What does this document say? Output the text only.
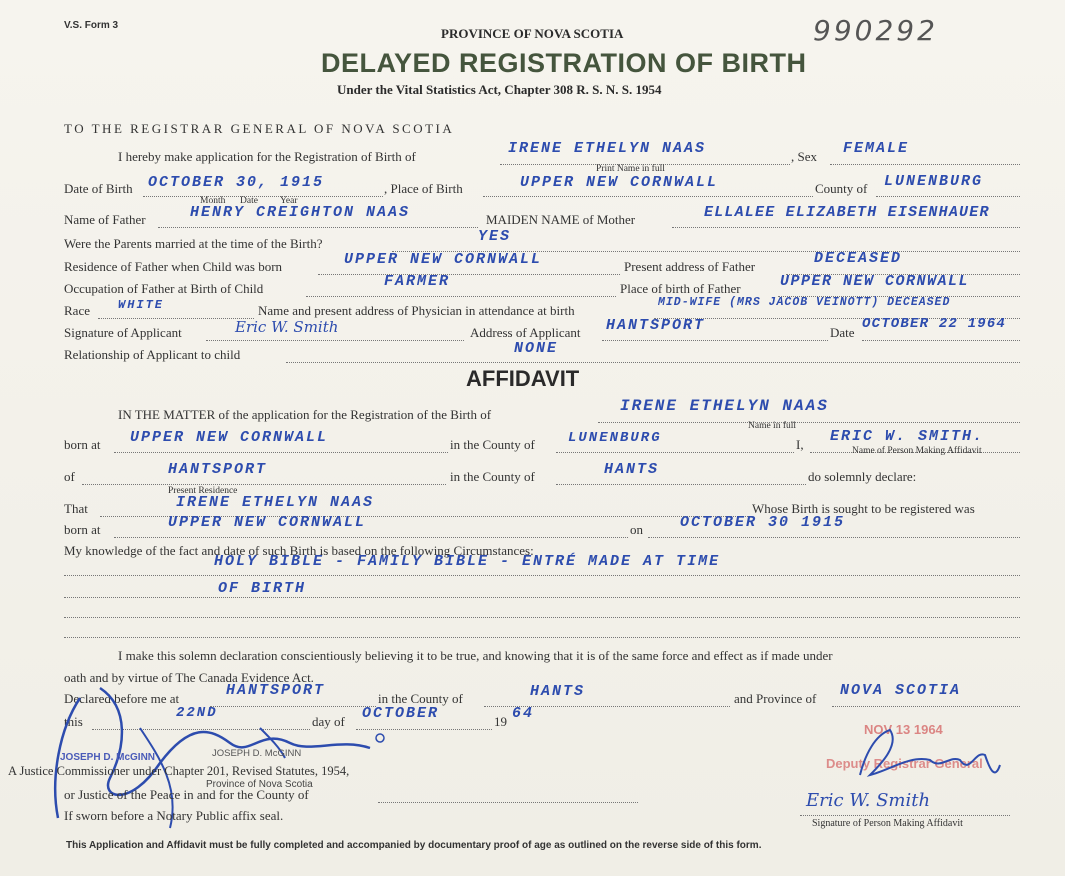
V.S. Form 3	990292
PROVINCE OF NOVA SCOTIA
DELAYED REGISTRATION OF BIRTH
Under the Vital Statistics Act, Chapter 308 R. S. N. S. 1954
TO THE REGISTRAR GENERAL OF NOVA SCOTIA
I hereby make application for the Registration of Birth of	IRENE ETHELYN NAAS	, Sex FEMALE
Print Name in full
Date of Birth OCTOBER 30, 1915	, Place of Birth	UPPER NEW CORNWALL	County of LUNENBURG
Month Date Year
Name of Father	HENRY CREIGHTON NAAS	MAIDEN NAME of Mother	ELLALEE ELIZABETH EISENHAUER
Were the Parents married at the time of the Birth?	YES
Residence of Father when Child was born	UPPER NEW CORNWALL	Present address of Father	DECEASED
Occupation of Father at Birth of Child	FARMER	Place of birth of Father	UPPER NEW CORNWALL
Race WHITE	Name and present address of Physician in attendance at birth
MID-WIFE (MRS JACOB VEINOTT) DECEASED
Signature of Applicant	Eric W. Smith	Address of Applicant HANTSPORT	Date
OCTOBER 22 1964
Relationship of Applicant to child	NONE
AFFIDAVIT
IN THE MATTER of the application for the Registration of the Birth of	IRENE ETHELYN NAAS
Name in full
born at UPPER NEW CORNWALL	in the County of LUNENBURG	I, ERIC W. SMITH.
Name of Person Making Affidavit
of	HANTSPORT
Present Residence
in the County of	HANTS	do solemnly declare:
That	IRENE ETHELYN NAAS	Whose Birth is sought to be registered was
born at	UPPER NEW CORNWALL	on OCTOBER 30 1915
My knowledge of the fact and date of such Birth is based on the following Circumstances:
HOLY BIBLE - FAMILY BIBLE - ENTRÉ MADE AT TIME
OF BIRTH
I make this solemn declaration conscientiously believing it to be true, and knowing that it is of the same force and effect as if made under
oath and by virtue of The Canada Evidence Act.
Declared before me at	HANTSPORT	in the County of	HANTS	and Province of NOVA SCOTIA
this
22ND
day of OCTOBER	19 64
JOSEPH D. McGINN	JOSEPH D. McGINN
A Justice Commissioner under Chapter 201, Revised Statutes, 1954,
Province of Nova Scotia
or Justice of the Peace in and for the County of
If sworn before a Notary Public affix seal.
NOV 13 1964
Deputy Registrar General
Eric W. Smith
Signature of Person Making Affidavit
This Application and Affidavit must be fully completed and accompanied by documentary proof of age as outlined on the reverse side of this form.
